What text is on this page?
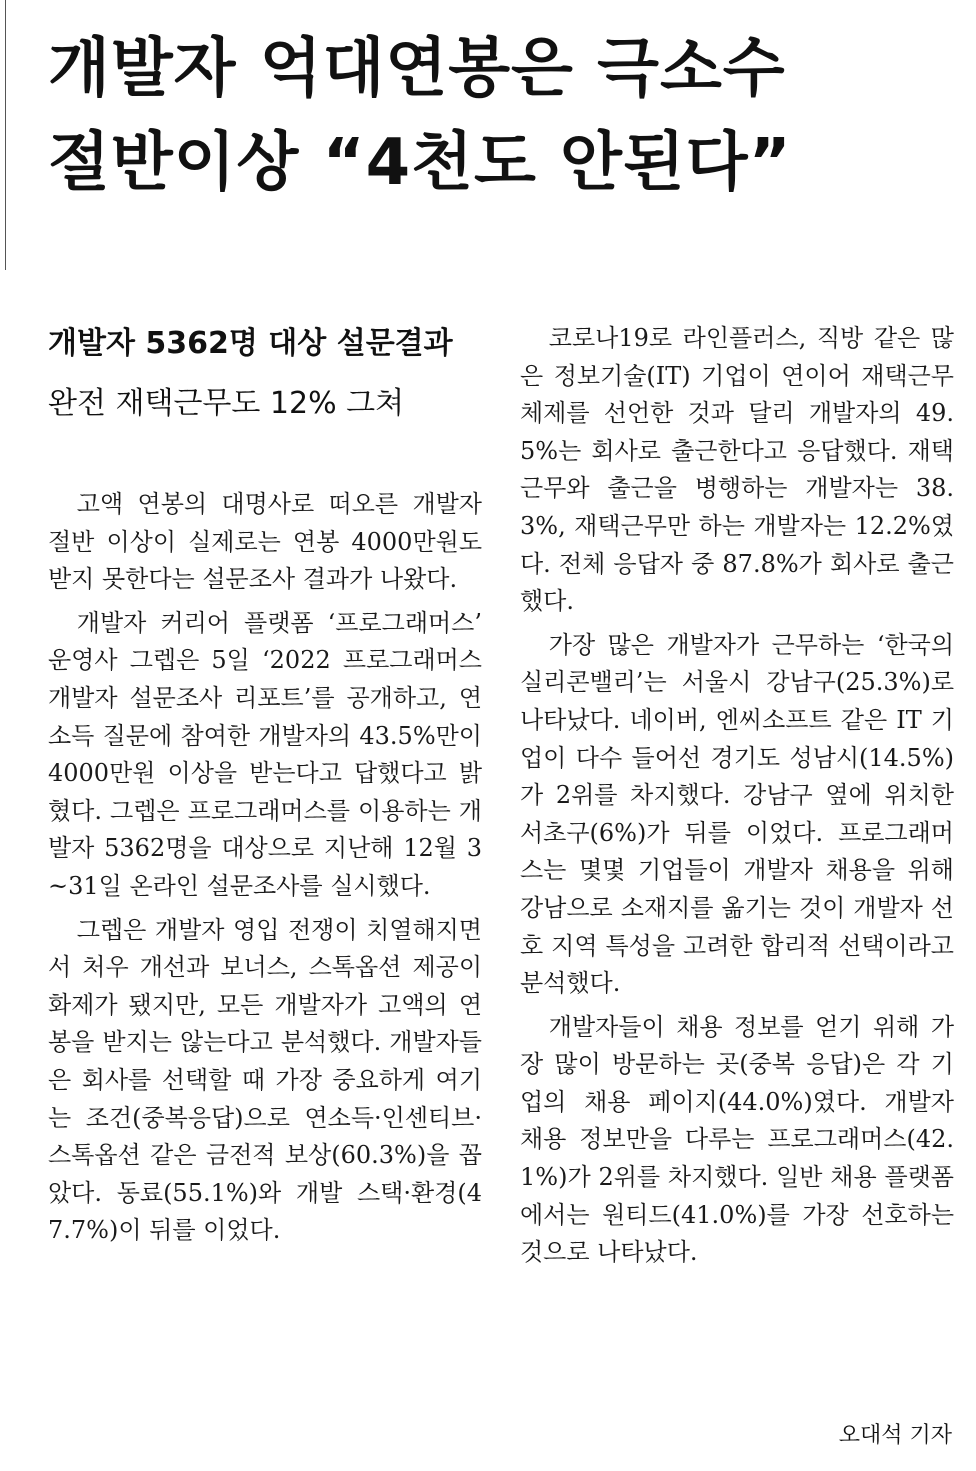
개발자 억대연봉은 극소수
절반이상 “4천도 안된다”
개발자 5362명 대상 설문결과
완전 재택근무도 12% 그쳐

고액 연봉의 대명사로 떠오른 개발자 절반 이상이 실제로는 연봉 4000만원도 받지 못한다는 설문조사 결과가 나왔다.

개발자 커리어 플랫폼 ‘프로그래머스’ 운영사 그렙은 5일 ‘2022 프로그래머스 개발자 설문조사 리포트’를 공개하고, 연소득 질문에 참여한 개발자의 43.5%만이 4000만원 이상을 받는다고 답했다고 밝혔다. 그렙은 프로그래머스를 이용하는 개발자 5362명을 대상으로 지난해 12월 3~31일 온라인 설문조사를 실시했다.

그렙은 개발자 영입 전쟁이 치열해지면서 처우 개선과 보너스, 스톡옵션 제공이 화제가 됐지만, 모든 개발자가 고액의 연봉을 받지는 않는다고 분석했다. 개발자들은 회사를 선택할 때 가장 중요하게 여기는 조건(중복응답)으로 연소득·인센티브·스톡옵션 같은 금전적 보상(60.3%)을 꼽았다. 동료(55.1%)와 개발 스택·환경(47.7%)이 뒤를 이었다.

코로나19로 라인플러스, 직방 같은 많은 정보기술(IT) 기업이 연이어 재택근무 체제를 선언한 것과 달리 개발자의 49.5%는 회사로 출근한다고 응답했다. 재택근무와 출근을 병행하는 개발자는 38.3%, 재택근무만 하는 개발자는 12.2%였다. 전체 응답자 중 87.8%가 회사로 출근했다.

가장 많은 개발자가 근무하는 ‘한국의 실리콘밸리’는 서울시 강남구(25.3%)로 나타났다. 네이버, 엔씨소프트 같은 IT 기업이 다수 들어선 경기도 성남시(14.5%)가 2위를 차지했다. 강남구 옆에 위치한 서초구(6%)가 뒤를 이었다. 프로그래머스는 몇몇 기업들이 개발자 채용을 위해 강남으로 소재지를 옮기는 것이 개발자 선호 지역 특성을 고려한 합리적 선택이라고 분석했다.

개발자들이 채용 정보를 얻기 위해 가장 많이 방문하는 곳(중복 응답)은 각 기업의 채용 페이지(44.0%)였다. 개발자 채용 정보만을 다루는 프로그래머스(42.1%)가 2위를 차지했다. 일반 채용 플랫폼에서는 원티드(41.0%)를 가장 선호하는 것으로 나타났다.

오대석 기자
